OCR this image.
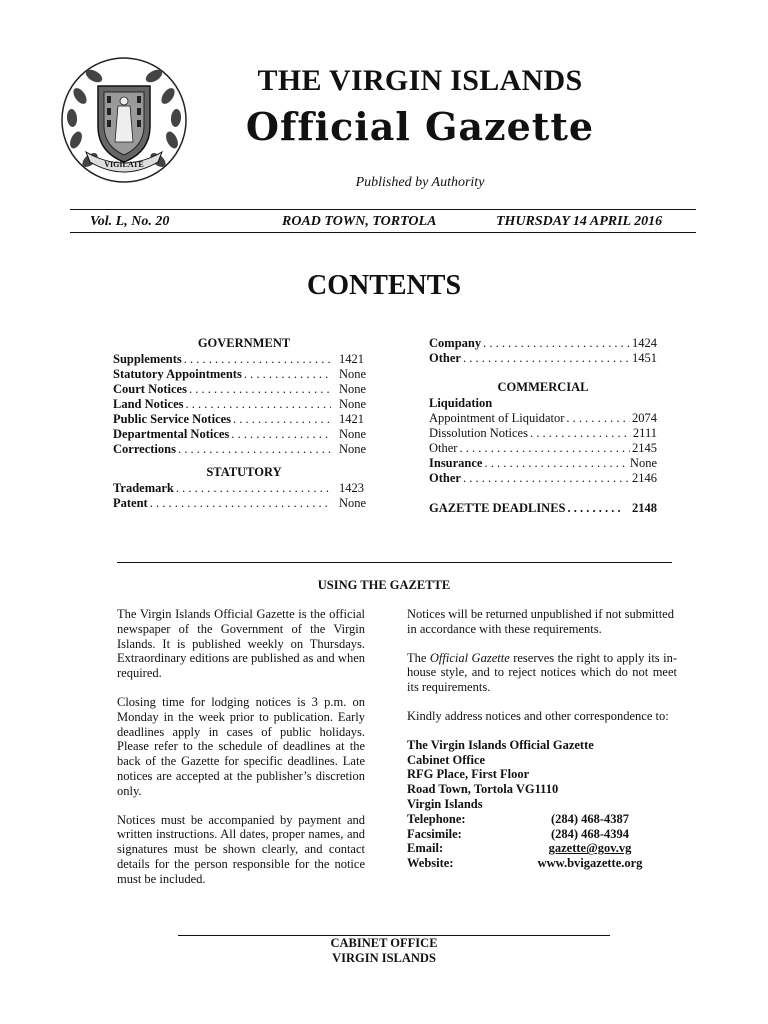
VIGILATE
THE VIRGIN ISLANDS
Official Gazette
Published by Authority
Vol. L, No. 20	ROAD TOWN, TORTOLA	THURSDAY 14 APRIL 2016
CONTENTS
GOVERNMENT
Supplements . . .	1421
Statutory Appointments . . .	None
Court Notices . . .	None
Land Notices . . .	None
Public Service Notices . . .	1421
Departmental Notices . . .	None
Corrections . . .	None
STATUTORY
Trademark . . .	1423
Patent . . .	None
Company . . .	1424
Other . . .	1451
COMMERCIAL
Liquidation
Appointment of Liquidator . . .	2074
Dissolution Notices . . .	2111
Other . . .	2145
Insurance . . .	None
Other . . .	2146
GAZETTE DEADLINES . . .	2148
USING THE GAZETTE

The Virgin Islands Official Gazette is the official newspaper of the Government of the Virgin Islands. It is published weekly on Thursdays. Extraordinary editions are published as and when required.

Closing time for lodging notices is 3 p.m. on Monday in the week prior to publication. Early deadlines apply in cases of public holidays. Please refer to the schedule of deadlines at the back of the Gazette for specific deadlines. Late notices are accepted at the publisher’s discretion only.

Notices must be accompanied by payment and written instructions. All dates, proper names, and signatures must be shown clearly, and contact details for the person responsible for the notice must be included.

Notices will be returned unpublished if not submitted in accordance with these requirements.

The Official Gazette reserves the right to apply its in-house style, and to reject notices which do not meet its requirements.

Kindly address notices and other correspondence to:

The Virgin Islands Official Gazette
Cabinet Office
RFG Place, First Floor
Road Town, Tortola VG1110
Virgin Islands
Telephone:	(284) 468-4387
Facsimile:	(284) 468-4394
Email:	gazette@gov.vg
Website:	www.bvigazette.org
CABINET OFFICE
VIRGIN ISLANDS
